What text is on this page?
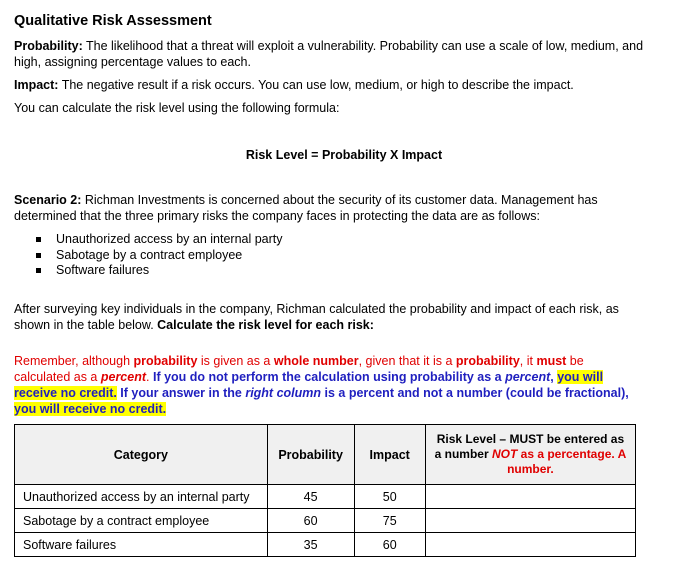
Qualitative Risk Assessment

Probability: The likelihood that a threat will exploit a vulnerability. Probability can use a scale of low, medium, and high, assigning percentage values to each.

Impact: The negative result if a risk occurs. You can use low, medium, or high to describe the impact.

You can calculate the risk level using the following formula:

Risk Level = Probability X Impact

Scenario 2: Richman Investments is concerned about the security of its customer data. Management has determined that the three primary risks the company faces in protecting the data are as follows:

Unauthorized access by an internal party
Sabotage by a contract employee
Software failures

After surveying key individuals in the company, Richman calculated the probability and impact of each risk, as shown in the table below. Calculate the risk level for each risk:

Remember, although probability is given as a whole number, given that it is a probability, it must be calculated as a percent. If you do not perform the calculation using probability as a percent, you will receive no credit. If your answer in the right column is a percent and not a number (could be fractional), you will receive no credit.

Category	Probability	Impact	Risk Level – MUST be entered as a number NOT as a percentage. A number.
Unauthorized access by an internal party	45	50	
Sabotage by a contract employee	60	75	
Software failures	35	60	
